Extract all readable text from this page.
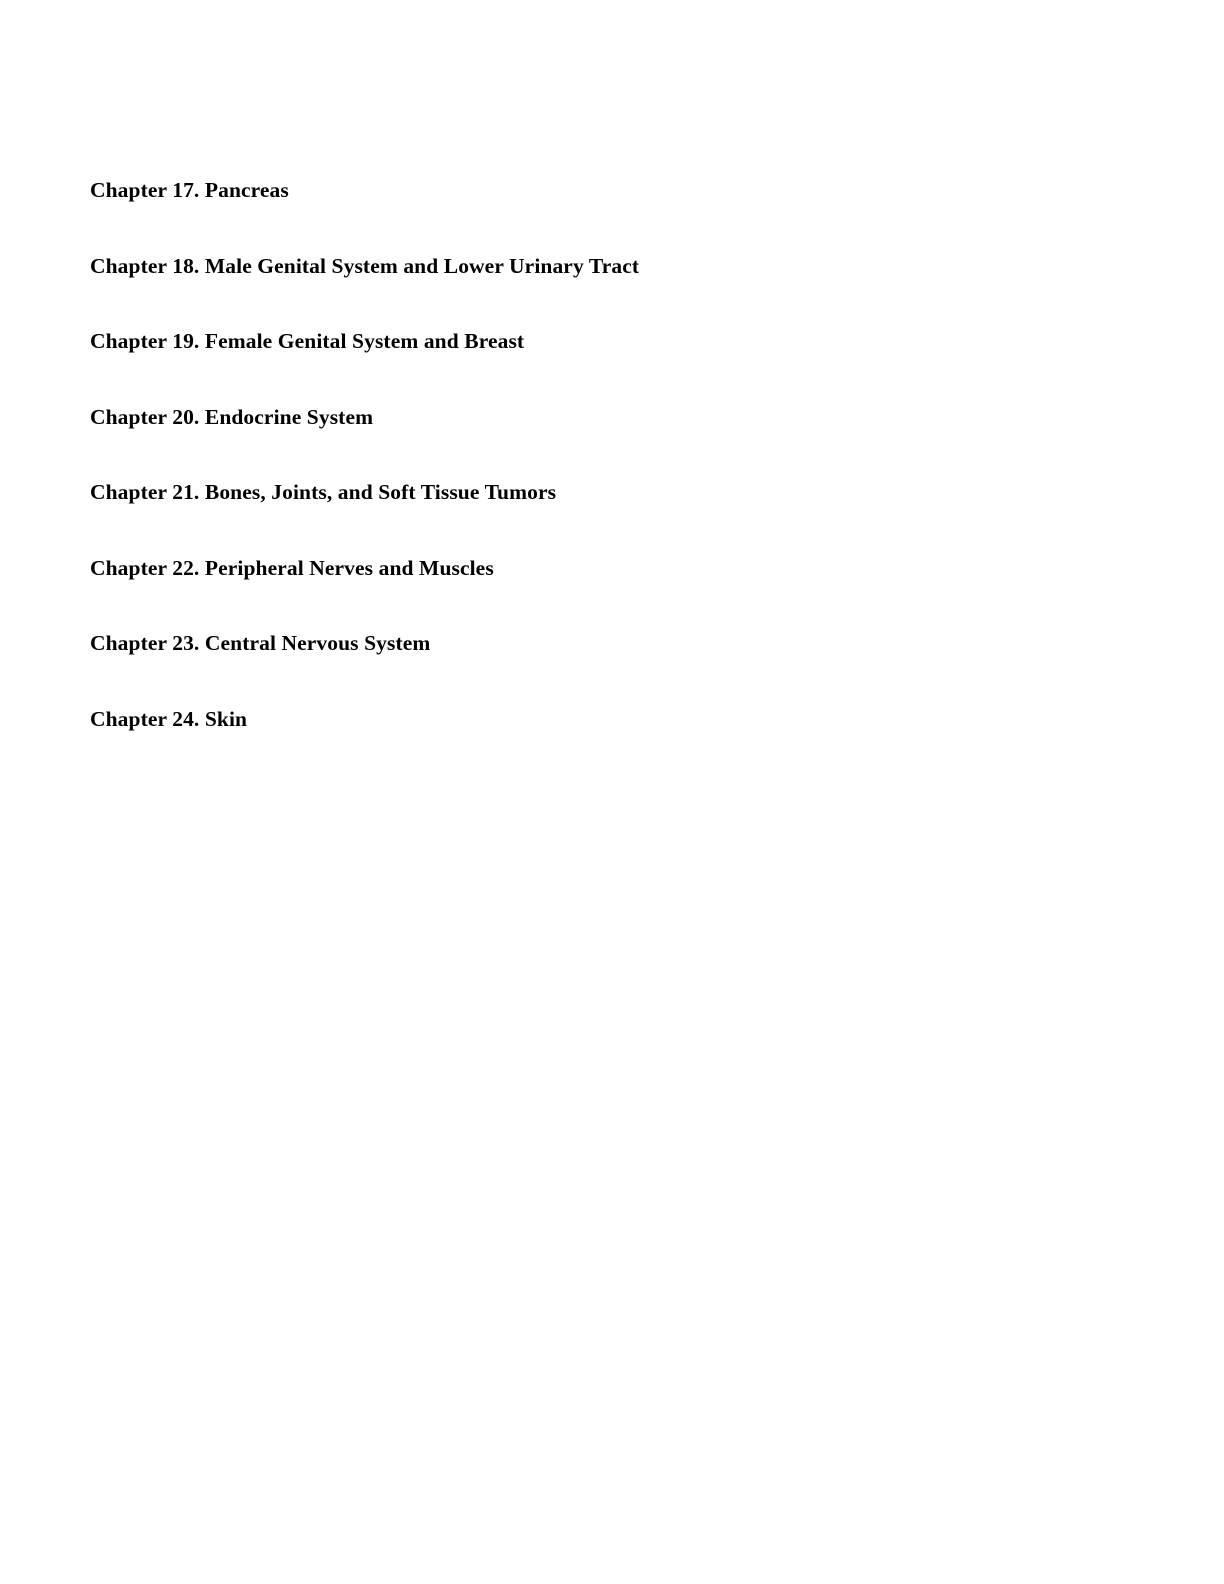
Chapter 17. Pancreas
Chapter 18. Male Genital System and Lower Urinary Tract
Chapter 19. Female Genital System and Breast
Chapter 20. Endocrine System
Chapter 21. Bones, Joints, and Soft Tissue Tumors
Chapter 22. Peripheral Nerves and Muscles
Chapter 23. Central Nervous System
Chapter 24. Skin
